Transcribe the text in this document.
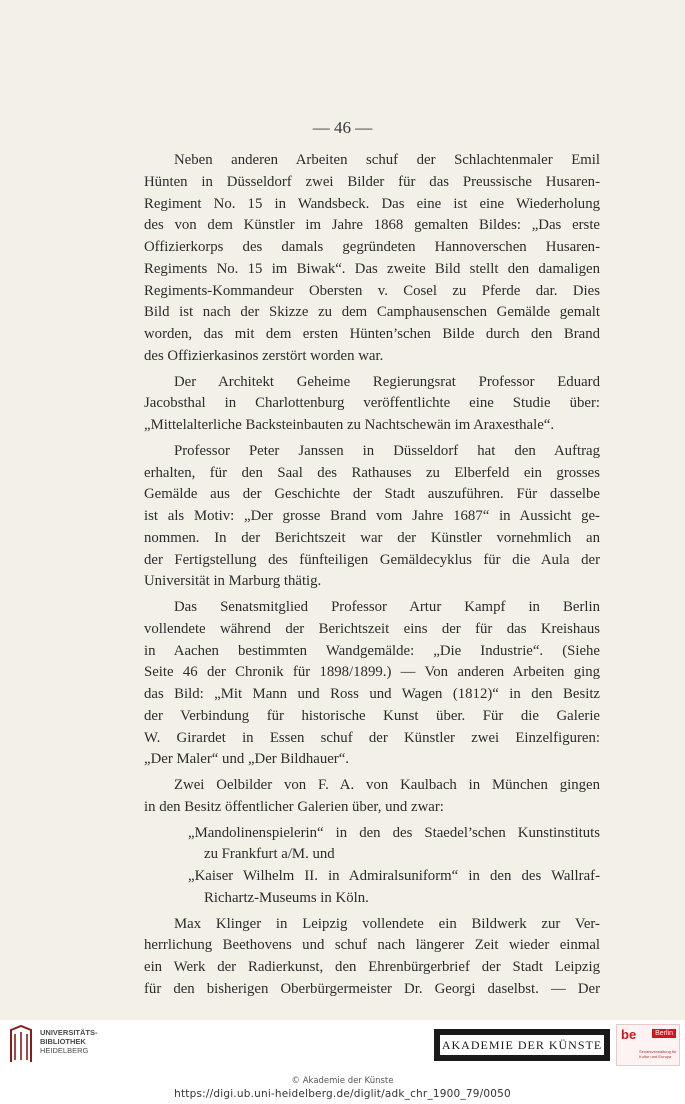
— 46 —
Neben anderen Arbeiten schuf der Schlachtenmaler Emil
Hünten in Düsseldorf zwei Bilder für das Preussische Husaren-
Regiment No. 15 in Wandsbeck. Das eine ist eine Wiederholung
des von dem Künstler im Jahre 1868 gemalten Bildes: „Das erste
Offizierkorps des damals gegründeten Hannoverschen Husaren-
Regiments No. 15 im Biwak“. Das zweite Bild stellt den damaligen
Regiments-Kommandeur Obersten v. Cosel zu Pferde dar. Dies
Bild ist nach der Skizze zu dem Camphausenschen Gemälde gemalt
worden, das mit dem ersten Hünten’schen Bilde durch den Brand
des Offizierkasinos zerstört worden war.
Der Architekt Geheime Regierungsrat Professor Eduard
Jacobsthal in Charlottenburg veröffentlichte eine Studie über:
„Mittelalterliche Backsteinbauten zu Nachtschewän im Araxesthale“.
Professor Peter Janssen in Düsseldorf hat den Auftrag
erhalten, für den Saal des Rathauses zu Elberfeld ein grosses
Gemälde aus der Geschichte der Stadt auszuführen. Für dasselbe
ist als Motiv: „Der grosse Brand vom Jahre 1687“ in Aussicht ge-
nommen. In der Berichtszeit war der Künstler vornehmlich an
der Fertigstellung des fünfteiligen Gemäldecyklus für die Aula der
Universität in Marburg thätig.
Das Senatsmitglied Professor Artur Kampf in Berlin
vollendete während der Berichtszeit eins der für das Kreishaus
in Aachen bestimmten Wandgemälde: „Die Industrie“. (Siehe
Seite 46 der Chronik für 1898/1899.) — Von anderen Arbeiten ging
das Bild: „Mit Mann und Ross und Wagen (1812)“ in den Besitz
der Verbindung für historische Kunst über. Für die Galerie
W. Girardet in Essen schuf der Künstler zwei Einzelfiguren:
„Der Maler“ und „Der Bildhauer“.
Zwei Oelbilder von F. A. von Kaulbach in München gingen
in den Besitz öffentlicher Galerien über, und zwar:
„Mandolinenspielerin“ in den des Staedel’schen Kunstinstituts
zu Frankfurt a/M. und
„Kaiser Wilhelm II. in Admiralsuniform“ in den des Wallraf-
Richartz-Museums in Köln.
Max Klinger in Leipzig vollendete ein Bildwerk zur Ver-
herrlichung Beethovens und schuf nach längerer Zeit wieder einmal
ein Werk der Radierkunst, den Ehrenbürgerbrief der Stadt Leipzig
für den bisherigen Oberbürgermeister Dr. Georgi daselbst. — Der
UNIVERSITÄTS-
BIBLIOTHEK
HEIDELBERG	AKADEMIE DER KÜNSTE
be	Berlin
Senatsverwaltung für Kultur und Europa
© Akademie der Künste
https://digi.ub.uni-heidelberg.de/diglit/adk_chr_1900_79/0050
